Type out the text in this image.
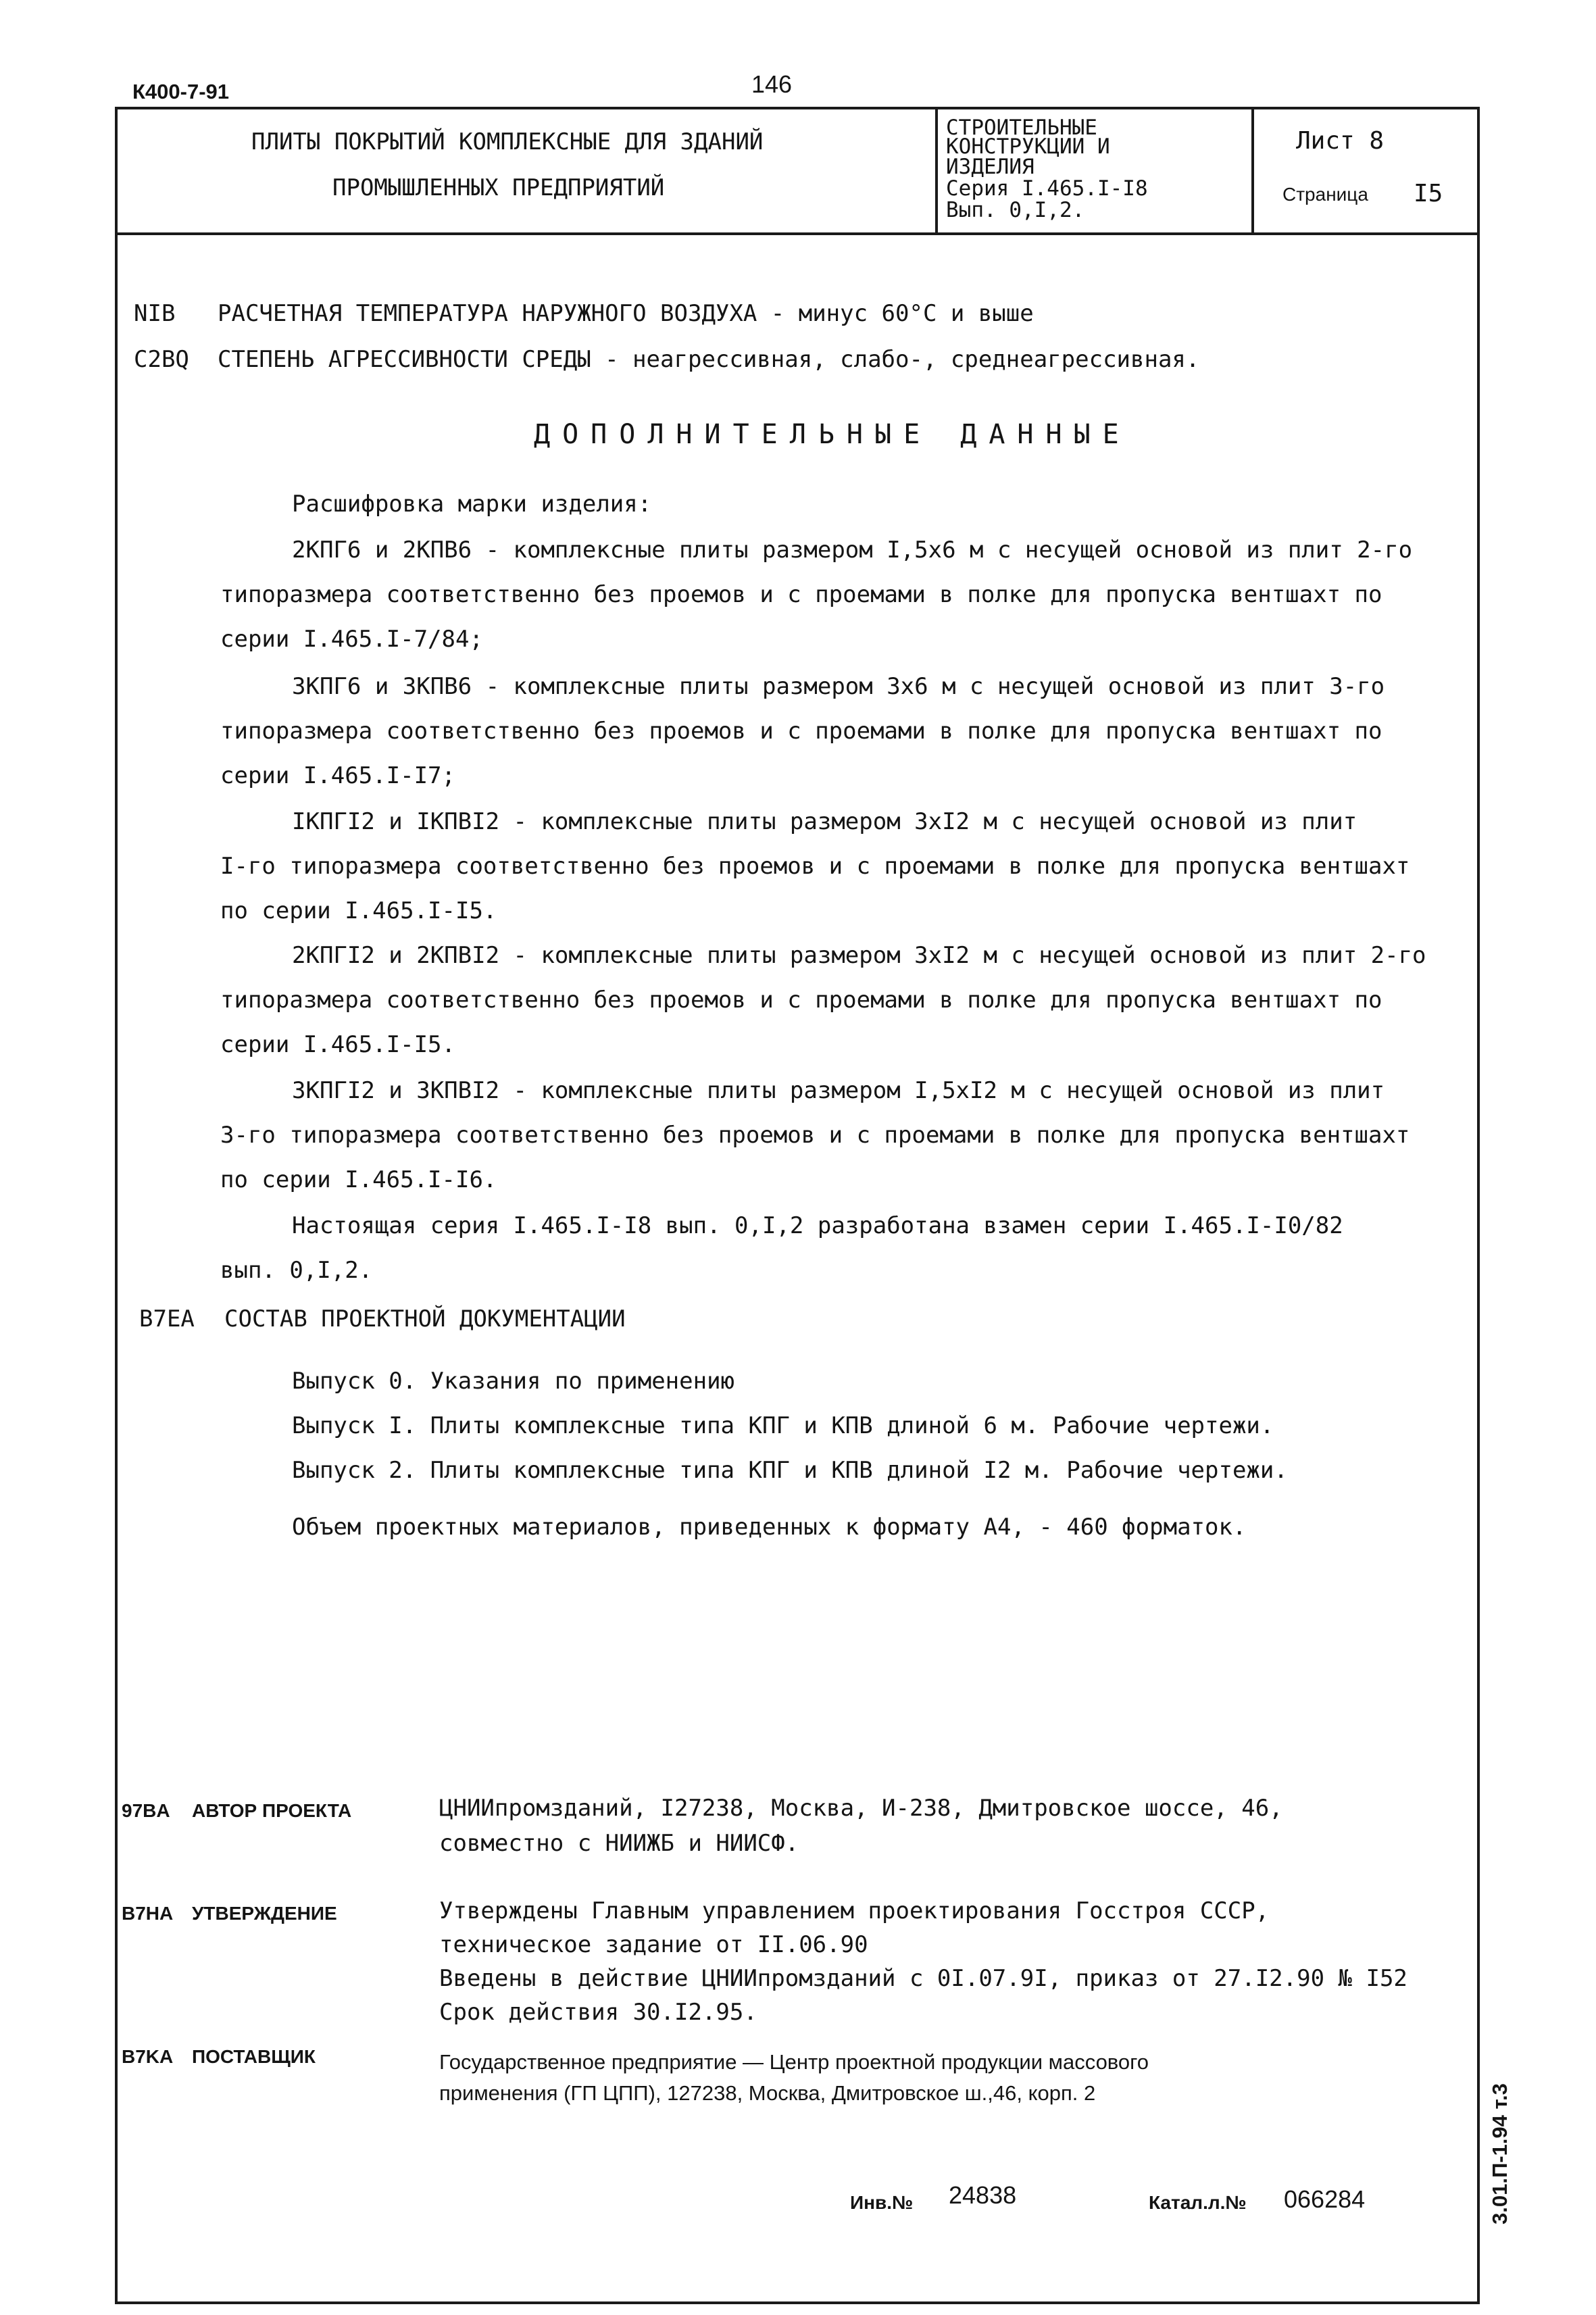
К400-7-91	146
ПЛИТЫ ПОКРЫТИЙ КОМПЛЕКСНЫЕ ДЛЯ ЗДАНИЙ
ПРОМЫШЛЕННЫХ ПРЕДПРИЯТИЙ
СТРОИТЕЛЬНЫЕ
КОНСТРУКЦИИ И
ИЗДЕЛИЯ
Серия I.465.I-I8
Вып. 0,I,2.
Лист 8
Страница I5
NIB РАСЧЕТНАЯ ТЕМПЕРАТУРА НАРУЖНОГО ВОЗДУХА - минус 60°С и выше
C2BQ СТЕПЕНЬ АГРЕССИВНОСТИ СРЕДЫ - неагрессивная, слабо-, среднеагрессивная.
ДОПОЛНИТЕЛЬНЫЕ ДАННЫЕ
Расшифровка марки изделия:
2КПГ6 и 2КПВ6 - комплексные плиты размером I,5х6 м с несущей основой из плит 2-го
типоразмера соответственно без проемов и с проемами в полке для пропуска вентшахт по
серии I.465.I-7/84;
3КПГ6 и 3КПВ6 - комплексные плиты размером 3х6 м с несущей основой из плит 3-го
типоразмера соответственно без проемов и с проемами в полке для пропуска вентшахт по
серии I.465.I-I7;
IКПГI2 и IКПВI2 - комплексные плиты размером 3хI2 м с несущей основой из плит
I-го типоразмера соответственно без проемов и с проемами в полке для пропуска вентшахт
по серии I.465.I-I5.
2КПГI2 и 2КПВI2 - комплексные плиты размером 3хI2 м с несущей основой из плит 2-го
типоразмера соответственно без проемов и с проемами в полке для пропуска вентшахт по
серии I.465.I-I5.
3КПГI2 и 3КПВI2 - комплексные плиты размером I,5хI2 м с несущей основой из плит
3-го типоразмера соответственно без проемов и с проемами в полке для пропуска вентшахт
по серии I.465.I-I6.
Настоящая серия I.465.I-I8 вып. 0,I,2 разработана взамен серии I.465.I-I0/82
вып. 0,I,2.
B7EA СОСТАВ ПРОЕКТНОЙ ДОКУМЕНТАЦИИ
Выпуск 0. Указания по применению
Выпуск I. Плиты комплексные типа КПГ и КПВ длиной 6 м. Рабочие чертежи.
Выпуск 2. Плиты комплексные типа КПГ и КПВ длиной I2 м. Рабочие чертежи.
Объем проектных материалов, приведенных к формату А4, - 460 форматок.
97BA АВТОР ПРОЕКТА	ЦНИИпромзданий, I27238, Москва, И-238, Дмитровское шоссе, 46,
совместно с НИИЖБ и НИИСФ.
B7HA УТВЕРЖДЕНИЕ	Утверждены Главным управлением проектирования Госстроя СССР,
техническое задание от II.06.90
Введены в действие ЦНИИпромзданий с 0I.07.9I, приказ от 27.I2.90 № I52
Срок действия 30.I2.95.
B7KA ПОСТАВЩИК	Государственное предприятие — Центр проектной продукции массового
применения (ГП ЦПП), 127238, Москва, Дмитровское ш.,46, корп. 2
Инв.№ 24838	Катал.л.№ 066284	3.01.П-1.94 т.3
